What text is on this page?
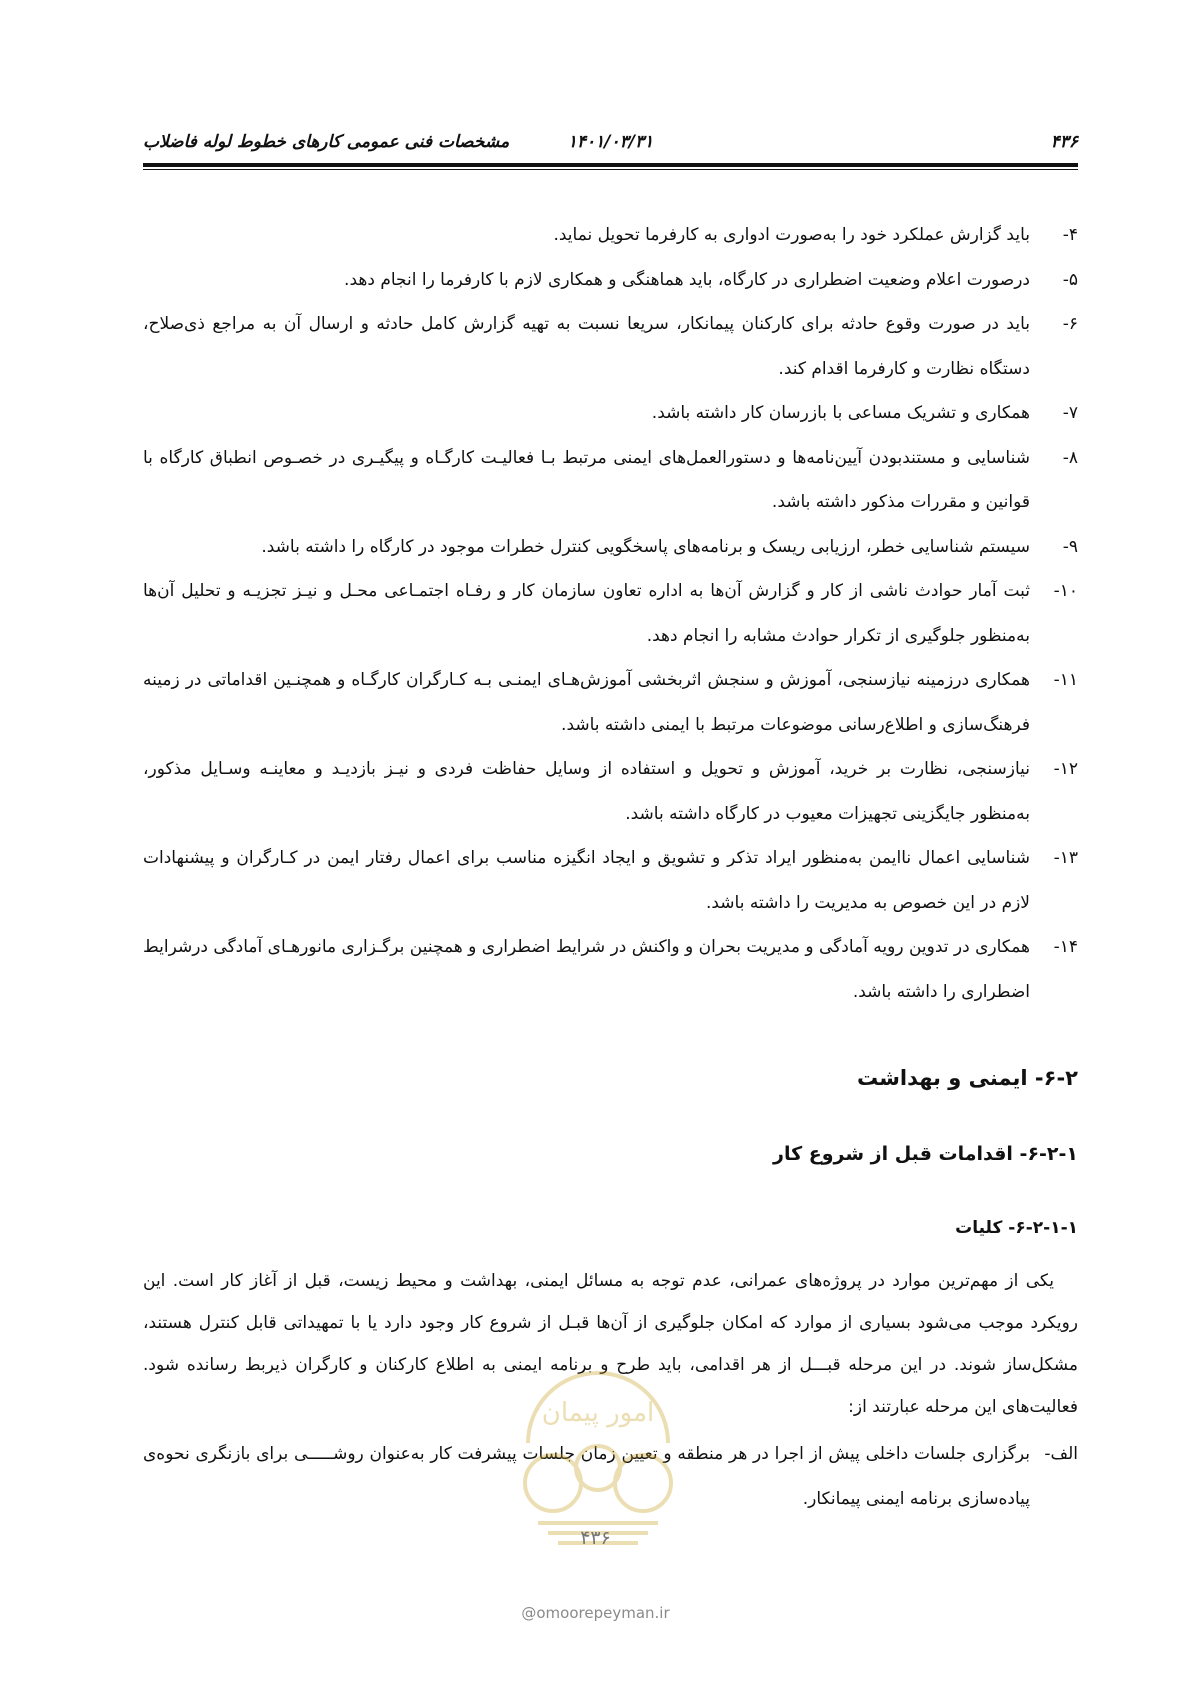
۴۳۶
۱۴۰۱/۰۳/۳۱
مشخصات فنی عمومی کارهای خطوط لوله فاضلاب
۴-
باید گزارش عملکرد خود را به‌صورت ادواری به کارفرما تحویل نماید.
۵-
درصورت اعلام وضعیت اضطراری در کارگاه، باید هماهنگی و همکاری لازم با کارفرما را انجام دهد.
۶-
باید در صورت وقوع حادثه برای کارکنان پیمانکار، سریعا نسبت به تهیه گزارش کامل حادثه و ارسال آن به مراجع ذی‌صلاح، دستگاه نظارت و کارفرما اقدام کند.
۷-
همکاری و تشریک مساعی با بازرسان کار داشته باشد.
۸-
شناسایی و مستندبودن آیین‌نامه‌ها و دستورالعمل‌های ایمنی مرتبط بـا فعالیـت کارگـاه و پیگیـری در خصـوص انطباق کارگاه با قوانین و مقررات مذکور داشته باشد.
۹-
سیستم شناسایی خطر، ارزیابی ریسک و برنامه‌های پاسخگویی کنترل خطرات موجود در کارگاه را داشته باشد.
۱۰-
ثبت آمار حوادث ناشی از کار و گزارش آن‌ها به اداره تعاون سازمان کار و رفـاه اجتمـاعی محـل و نیـز تجزیـه و تحلیل آن‌ها به‌منظور جلوگیری از تکرار حوادث مشابه را انجام دهد.
۱۱-
همکاری درزمینه نیازسنجی، آموزش و سنجش اثربخشی آموزش‌هـای ایمنـی بـه کـارگران کارگـاه و همچنـین اقداماتی در زمینه فرهنگ‌سازی و اطلاع‌رسانی موضوعات مرتبط با ایمنی داشته باشد.
۱۲-
نیازسنجی، نظارت بر خرید، آموزش و تحویل و استفاده از وسایل حفاظت فردی و نیـز بازدیـد و معاینـه وسـایل مذکور، به‌منظور جایگزینی تجهیزات معیوب در کارگاه داشته باشد.
۱۳-
شناسایی اعمال ناایمن به‌منظور ایراد تذکر و تشویق و ایجاد انگیزه مناسب برای اعمال رفتار ایمن در کـارگران و پیشنهادات لازم در این خصوص به مدیریت را داشته باشد.
۱۴-
همکاری در تدوین رویه آمادگی و مدیریت بحران و واکنش در شرایط اضطراری و همچنین برگـزاری مانورهـای آمادگی درشرایط اضطراری را داشته باشد.
۶-۲- ایمنی و بهداشت
۶-۲-۱- اقدامات قبل از شروع کار
۶-۲-۱-۱- کلیات
یکی از مهم‌ترین موارد در پروژه‌های عمرانی، عدم توجه به مسائل ایمنی، بهداشت و محیط زیست، قبل از آغاز کار است. این رویکرد موجب می‌شود بسیاری از موارد که امکان جلوگیری از آن‌ها قبـل از شروع کار وجود دارد یا با تمهیداتی قابل کنترل هستند، مشکل‌ساز شوند. در این مرحله قبـــل از هر اقدامی، باید طرح و برنامه ایمنی به اطلاع کارکنان و کارگران ذیربط رسانده شود. فعالیت‌های این مرحله عبارتند از:
الف-
برگزاری جلسات داخلی پیش از اجرا در هر منطقه و تعیین زمان جلسات پیشرفت کار به‌عنوان روشـــــی برای بازنگری نحوه‌ی پیاده‌سازی برنامه ایمنی پیمانکار.
امور پیمان
۴۳۶
@omoorepeyman.ir
